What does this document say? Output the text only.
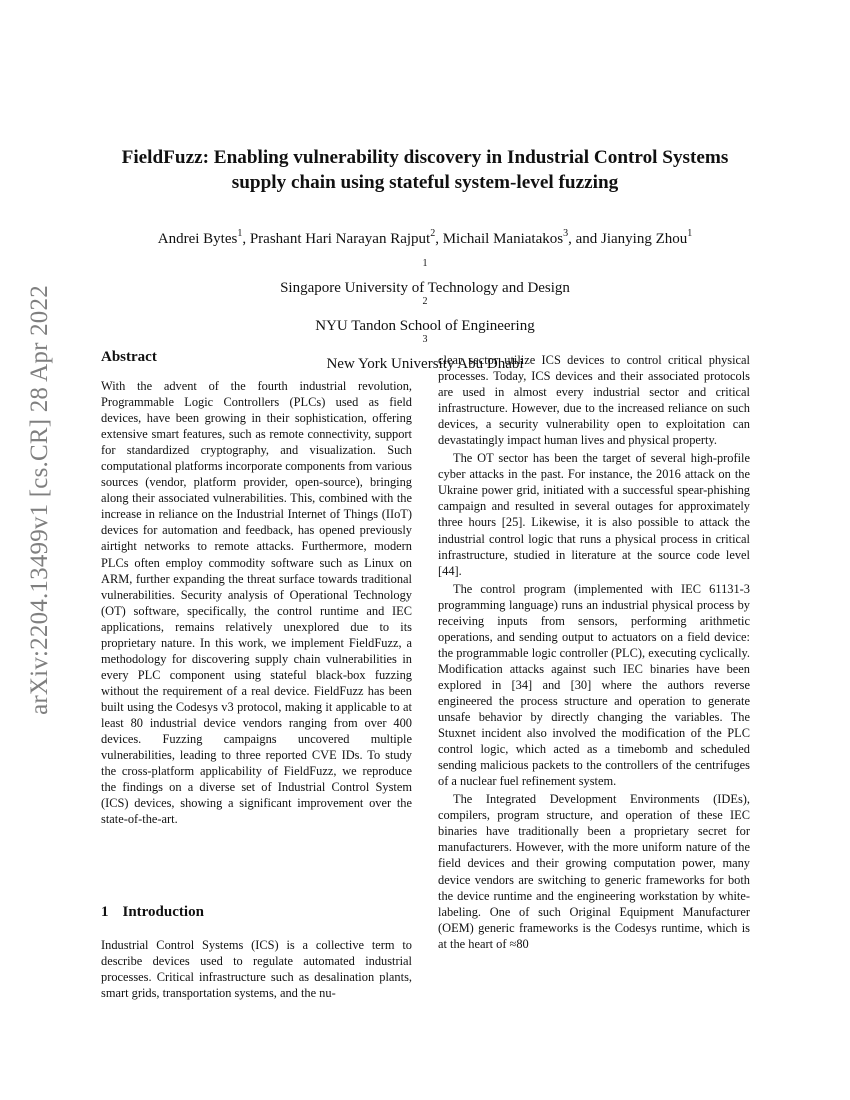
arXiv:2204.13499v1 [cs.CR] 28 Apr 2022
FieldFuzz: Enabling vulnerability discovery in Industrial Control Systems
supply chain using stateful system-level fuzzing

Andrei Bytes$^1$, Prashant Hari Narayan Rajput$^2$, Michail Maniatakos$^3$, and Jianying Zhou$^1$

$^1$
Singapore University of Technology and Design
$^2$
NYU Tandon School of Engineering
$^3$
New York University Abu Dhabi
Abstract

With the advent of the fourth industrial revolution, Programmable Logic Controllers (PLCs) used as field devices, have been growing in their sophistication, offering extensive smart features, such as remote connectivity, support for standardized cryptography, and visualization. Such computational platforms incorporate components from various sources (vendor, platform provider, open-source), bringing along their associated vulnerabilities. This, combined with the increase in reliance on the Industrial Internet of Things (IIoT) devices for automation and feedback, has opened previously airtight networks to remote attacks. Furthermore, modern PLCs often employ commodity software such as Linux on ARM, further expanding the threat surface towards traditional vulnerabilities. Security analysis of Operational Technology (OT) software, specifically, the control runtime and IEC applications, remains relatively unexplored due to its proprietary nature. In this work, we implement FieldFuzz, a methodology for discovering supply chain vulnerabilities in every PLC component using stateful black-box fuzzing without the requirement of a real device. FieldFuzz has been built using the Codesys v3 protocol, making it applicable to at least 80 industrial device vendors ranging from over 400 devices. Fuzzing campaigns uncovered multiple vulnerabilities, leading to three reported CVE IDs. To study the cross-platform applicability of FieldFuzz, we reproduce the findings on a diverse set of Industrial Control System (ICS) devices, showing a significant improvement over the state-of-the-art.

1 Introduction

Industrial Control Systems (ICS) is a collective term to describe devices used to regulate automated industrial processes. Critical infrastructure such as desalination plants, smart grids, transportation systems, and the nu-

clear sector utilize ICS devices to control critical physical processes. Today, ICS devices and their associated protocols are used in almost every industrial sector and critical infrastructure. However, due to the increased reliance on such devices, a security vulnerability open to exploitation can devastatingly impact human lives and physical property.

The OT sector has been the target of several high-profile cyber attacks in the past. For instance, the 2016 attack on the Ukraine power grid, initiated with a successful spear-phishing campaign and resulted in several outages for approximately three hours [25]. Likewise, it is also possible to attack the industrial control logic that runs a physical process in critical infrastructure, studied in literature at the source code level [44].

The control program (implemented with IEC 61131-3 programming language) runs an industrial physical process by receiving inputs from sensors, performing arithmetic operations, and sending output to actuators on a field device: the programmable logic controller (PLC), executing cyclically. Modification attacks against such IEC binaries have been explored in [34] and [30] where the authors reverse engineered the process structure and operation to generate unsafe behavior by directly changing the variables. The Stuxnet incident also involved the modification of the PLC control logic, which acted as a timebomb and scheduled sending malicious packets to the controllers of the centrifuges of a nuclear fuel refinement system.

The Integrated Development Environments (IDEs), compilers, program structure, and operation of these IEC binaries have traditionally been a proprietary secret for manufacturers. However, with the more uniform nature of the field devices and their growing computation power, many device vendors are switching to generic frameworks for both the device runtime and the engineering workstation by white-labeling. One of such Original Equipment Manufacturer (OEM) generic frameworks is the Codesys runtime, which is at the heart of ≈80
